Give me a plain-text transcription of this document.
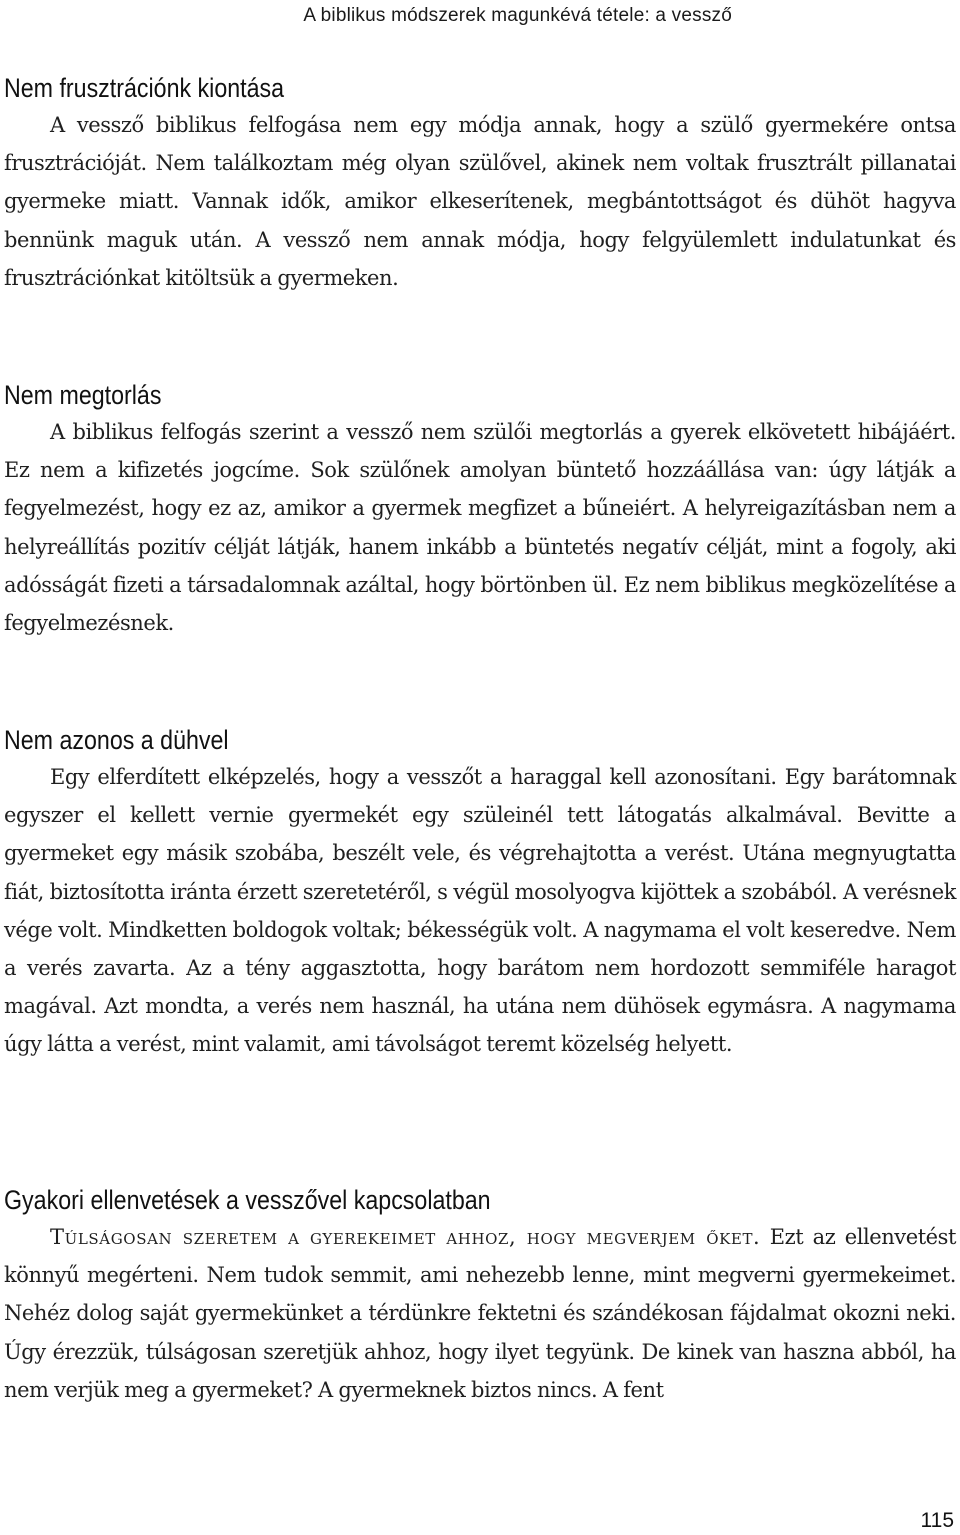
A biblikus módszerek magunkévá tétele: a vessző
Nem frusztrációnk kiontása

A vessző biblikus felfogása nem egy módja annak, hogy a szülő gyermekére ontsa frusztrációját. Nem találkoztam még olyan szülővel, akinek nem voltak frusztrált pillanatai gyermeke miatt. Vannak idők, amikor elkeserítenek, megbántottságot és dühöt hagyva bennünk maguk után. A vessző nem annak módja, hogy felgyülemlett indulatunkat és frusztrációnkat kitöltsük a gyermeken.

Nem megtorlás

A biblikus felfogás szerint a vessző nem szülői megtorlás a gyerek elkövetett hibájáért. Ez nem a kifizetés jogcíme. Sok szülőnek amolyan büntető hozzáállása van: úgy látják a fegyelmezést, hogy ez az, amikor a gyermek megfizet a bűneiért. A helyreigazításban nem a helyreállítás pozitív célját látják, hanem inkább a büntetés negatív célját, mint a fogoly, aki adósságát fizeti a társadalomnak azáltal, hogy börtönben ül. Ez nem biblikus megközelítése a fegyelmezésnek.

Nem azonos a dühvel

Egy elferdített elképzelés, hogy a vesszőt a haraggal kell azonosítani. Egy barátomnak egyszer el kellett vernie gyermekét egy szüleinél tett látogatás alkalmával. Bevitte a gyermeket egy másik szobába, beszélt vele, és végrehajtotta a verést. Utána megnyugtatta fiát, biztosította iránta érzett szeretetéről, s végül mosolyogva kijöttek a szobából. A verésnek vége volt. Mindketten boldogok voltak; békességük volt. A nagymama el volt keseredve. Nem a verés zavarta. Az a tény aggasztotta, hogy barátom nem hordozott semmiféle haragot magával. Azt mondta, a verés nem használ, ha utána nem dühösek egymásra. A nagymama úgy látta a verést, mint valamit, ami távolságot teremt közelség helyett.

Gyakori ellenvetések a vesszővel kapcsolatban

Túlságosan szeretem a gyerekeimet ahhoz, hogy megverjem őket. Ezt az ellenvetést könnyű megérteni. Nem tudok semmit, ami nehezebb lenne, mint megverni gyermekeimet. Nehéz dolog saját gyermekünket a térdünkre fektetni és szándékosan fájdalmat okozni neki. Úgy érezzük, túlságosan szeretjük ahhoz, hogy ilyet tegyünk. De kinek van haszna abból, ha nem verjük meg a gyermeket? A gyermeknek biztos nincs. A fent

115
